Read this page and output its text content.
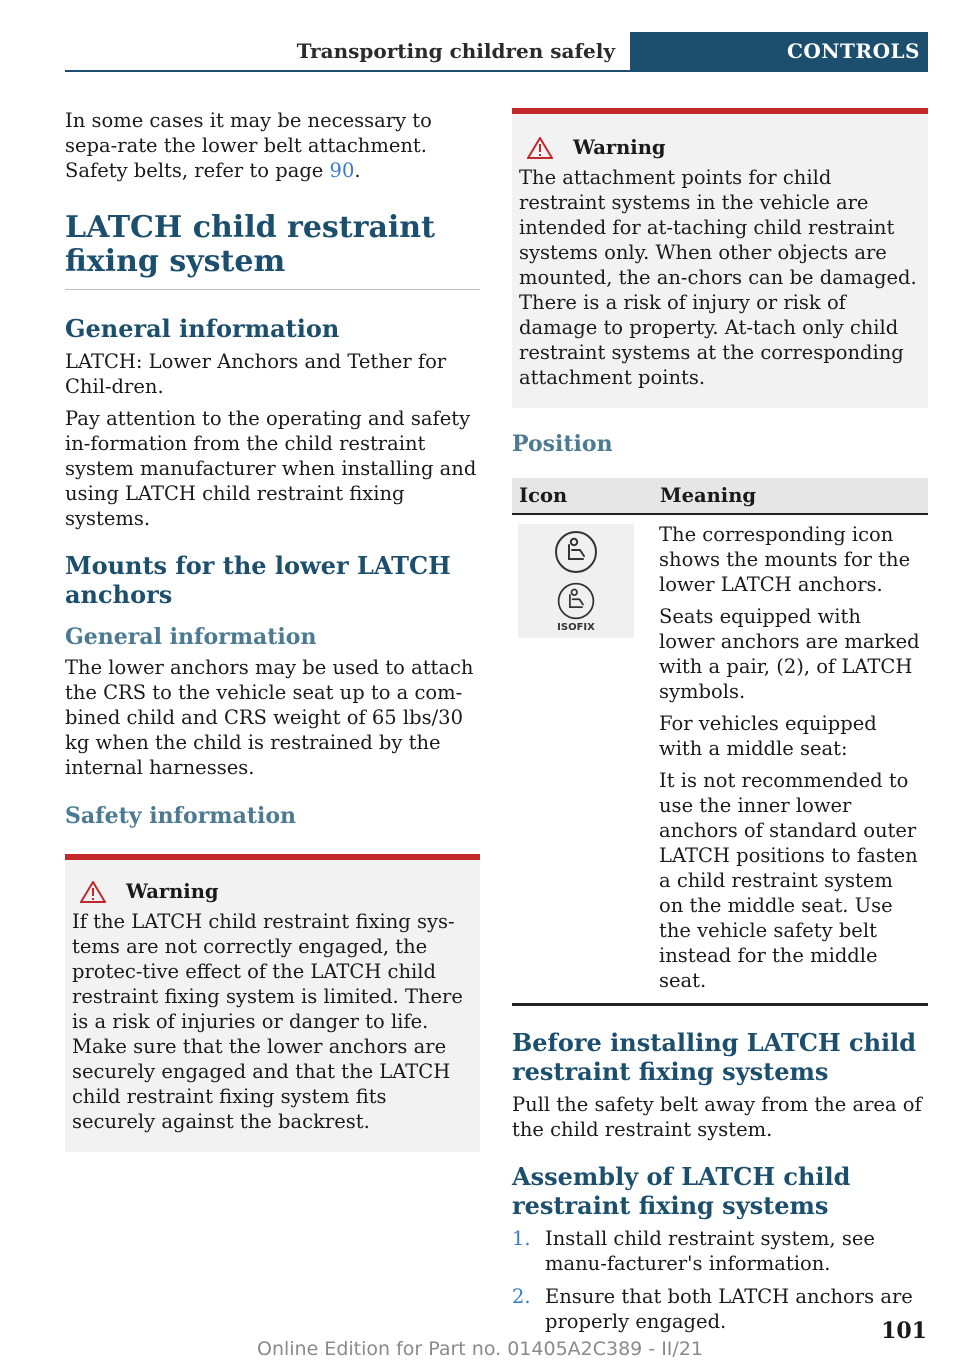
Transporting children safely	CONTROLS

In some cases it may be necessary to sepa-rate the lower belt attachment. Safety belts, refer to page 90.

LATCH child restraint fixing system
General information

LATCH: Lower Anchors and Tether for Chil-dren.

Pay attention to the operating and safety in-formation from the child restraint system manufacturer when installing and using LATCH child restraint fixing systems.

Mounts for the lower LATCH anchors
General information

The lower anchors may be used to attach the CRS to the vehicle seat up to a com-bined child and CRS weight of 65 lbs/30 kg when the child is restrained by the internal harnesses.

Safety information
Warning

If the LATCH child restraint fixing sys-tems are not correctly engaged, the protec-tive effect of the LATCH child restraint fixing system is limited. There is a risk of injuries or danger to life. Make sure that the lower anchors are securely engaged and that the LATCH child restraint fixing system fits securely against the backrest.

Warning

The attachment points for child restraint systems in the vehicle are intended for at-taching child restraint systems only. When other objects are mounted, the an-chors can be damaged. There is a risk of injury or risk of damage to property. At-tach only child restraint systems at the corresponding attachment points.

Position
Icon	Meaning

ISOFIX	The corresponding icon shows the mounts for the lower LATCH anchors.

Seats equipped with lower anchors are marked with a pair, (2), of LATCH symbols.

For vehicles equipped with a middle seat:

It is not recommended to use the inner lower anchors of standard outer LATCH positions to fasten a child restraint system on the middle seat. Use the vehicle safety belt instead for the middle seat.

Before installing LATCH child restraint fixing systems

Pull the safety belt away from the area of the child restraint system.

Assembly of LATCH child restraint fixing systems
1. Install child restraint system, see manu-facturer's information.
2. Ensure that both LATCH anchors are properly engaged.	101
Online Edition for Part no. 01405A2C389 - II/21
